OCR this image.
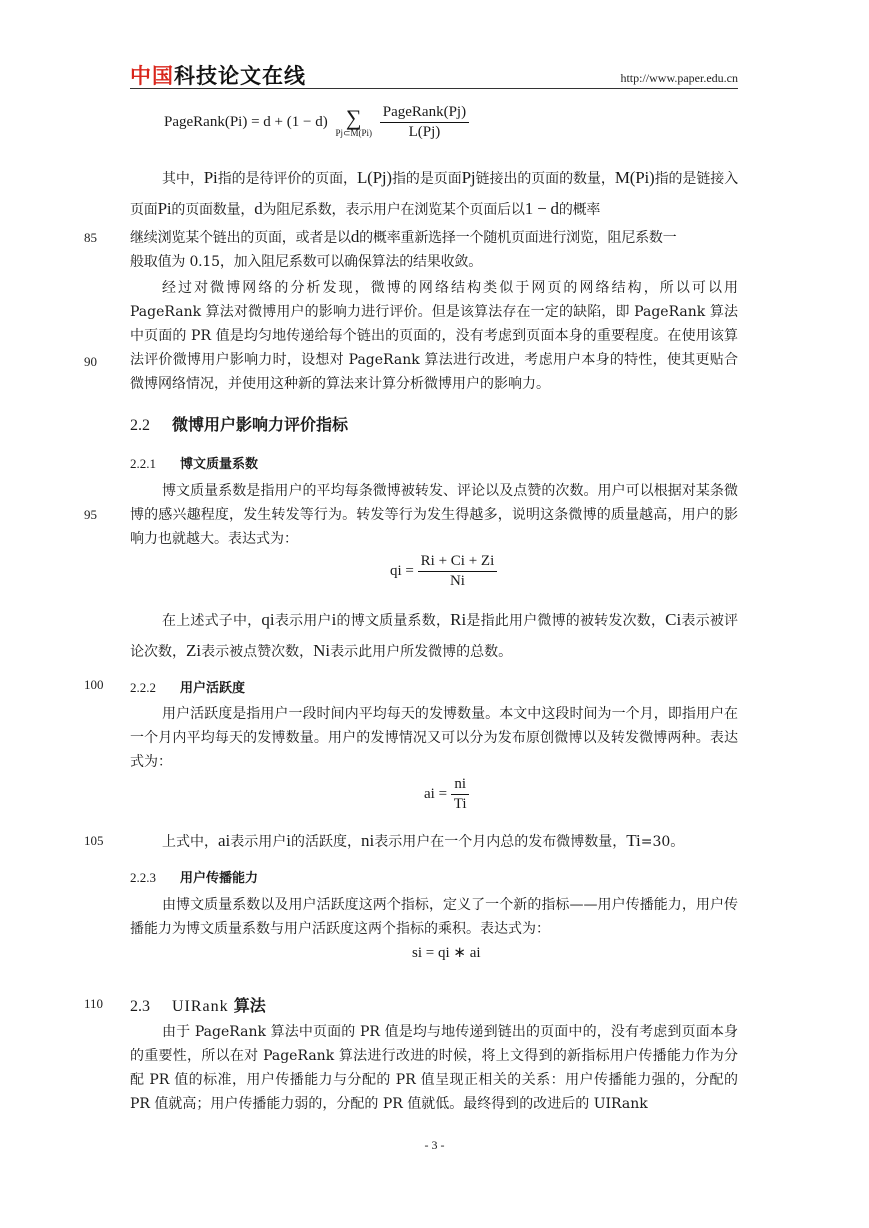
中国科技论文在线	http://www.paper.edu.cn
PageRank(Pi) = d + (1 − d) ∑
Pj⊂M(Pi)
$\frac{\text{PageRank(Pj)}}{L(Pj)}$
其中，Pi指的是待评价的页面，L(Pj)指的是页面Pj链接出的页面的数量，M(Pi)指的是链接入页面Pi的页面数量，d为阻尼系数，表示用户在浏览某个页面后以1 − d的概率
继续浏览某个链出的页面，或者是以d的概率重新选择一个随机页面进行浏览，阻尼系数一
般取值为 0.15，加入阻尼系数可以确保算法的结果收敛。
85
经过对微博网络的分析发现，微博的网络结构类似于网页的网络结构，所以可以用 PageRank 算法对微博用户的影响力进行评价。但是该算法存在一定的缺陷，即 PageRank 算法中页面的 PR 值是均匀地传递给每个链出的页面的，没有考虑到页面本身的重要程度。在使用该算法评价微博用户影响力时，设想对 PageRank 算法进行改进，考虑用户本身的特性，使其更贴合微博网络情况，并使用这种新的算法来计算分析微博用户的影响力。
90
2.2 微博用户影响力评价指标
2.2.1 博文质量系数
博文质量系数是指用户的平均每条微博被转发、评论以及点赞的次数。用户可以根据对某条微博的感兴趣程度，发生转发等行为。转发等行为发生得越多，说明这条微博的质量越高，用户的影响力也就越大。表达式为：
95
qi = $\frac{Ri + Ci + Zi}{Ni}$
在上述式子中，qi表示用户i的博文质量系数，Ri是指此用户微博的被转发次数，Ci表示被评论次数，Zi表示被点赞次数，Ni表示此用户所发微博的总数。
100 2.2.2 用户活跃度
用户活跃度是指用户一段时间内平均每天的发博数量。本文中这段时间为一个月，即指用户在一个月内平均每天的发博数量。用户的发博情况又可以分为发布原创微博以及转发微博两种。表达式为：
ai = $\frac{ni}{Ti}$
105	上式中，ai表示用户i的活跃度，ni表示用户在一个月内总的发布微博数量，Ti=30。
2.2.3 用户传播能力
由博文质量系数以及用户活跃度这两个指标，定义了一个新的指标——用户传播能力，用户传播能力为博文质量系数与用户活跃度这两个指标的乘积。表达式为：
si = qi ∗ ai
110 2.3 UIRank 算法
由于 PageRank 算法中页面的 PR 值是均与地传递到链出的页面中的，没有考虑到页面本身的重要性，所以在对 PageRank 算法进行改进的时候，将上文得到的新指标用户传播能力作为分配 PR 值的标准，用户传播能力与分配的 PR 值呈现正相关的关系：用户传播能力强的，分配的 PR 值就高；用户传播能力弱的，分配的 PR 值就低。最终得到的改进后的 UIRank
- 3 -
